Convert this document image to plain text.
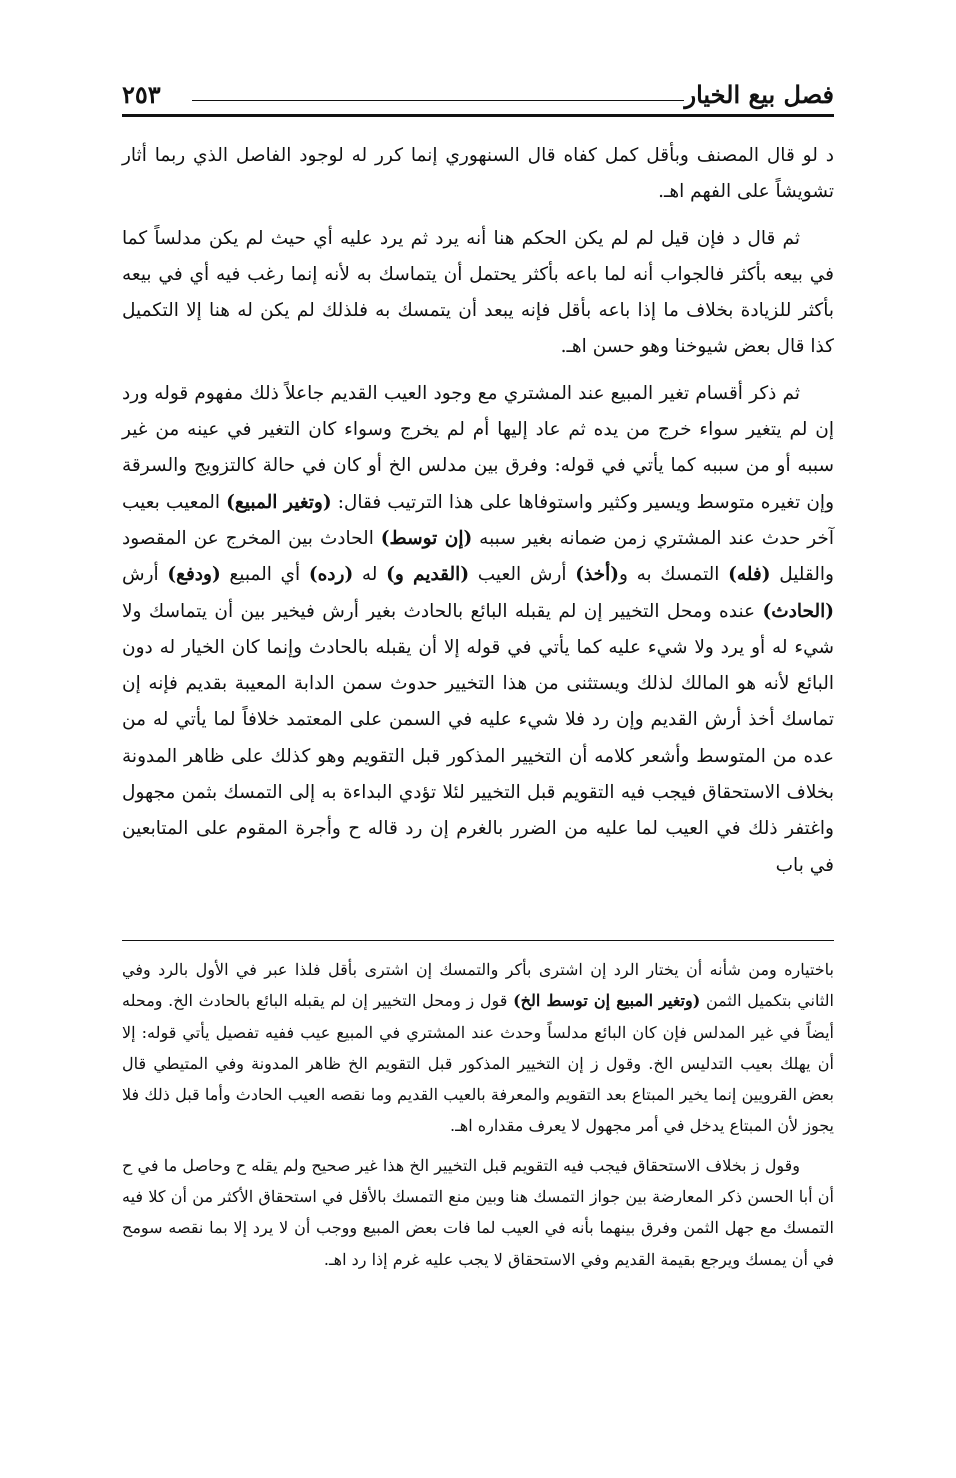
فصل بيع الخيار
٢٥٣

د لو قال المصنف وبأقل كمل كفاه قال السنهوري إنما كرر له لوجود الفاصل الذي ربما أثار تشويشاً على الفهم اهـ.

ثم قال د فإن قيل لم لم يكن الحكم هنا أنه يرد ثم يرد عليه أي حيث لم يكن مدلساً كما في بيعه بأكثر فالجواب أنه لما باعه بأكثر يحتمل أن يتماسك به لأنه إنما رغب فيه أي في بيعه بأكثر للزيادة بخلاف ما إذا باعه بأقل فإنه يبعد أن يتمسك به فلذلك لم يكن له هنا إلا التكميل كذا قال بعض شيوخنا وهو حسن اهـ.

ثم ذكر أقسام تغير المبيع عند المشتري مع وجود العيب القديم جاعلاً ذلك مفهوم قوله ورد إن لم يتغير سواء خرج من يده ثم عاد إليها أم لم يخرج وسواء كان التغير في عينه من غير سببه أو من سببه كما يأتي في قوله: وفرق بين مدلس الخ أو كان في حالة كالتزويج والسرقة وإن تغيره متوسط ويسير وكثير واستوفاها على هذا الترتيب فقال: (وتغير المبيع) المعيب بعيب آخر حدث عند المشتري زمن ضمانه بغير سببه (إن توسط) الحادث بين المخرج عن المقصود والقليل (فله) التمسك به و(أخذ) أرش العيب (القديم و) له (رده) أي المبيع (ودفع) أرش (الحادث) عنده ومحل التخيير إن لم يقبله البائع بالحادث بغير أرش فيخير بين أن يتماسك ولا شيء له أو يرد ولا شيء عليه كما يأتي في قوله إلا أن يقبله بالحادث وإنما كان الخيار له دون البائع لأنه هو المالك لذلك ويستثنى من هذا التخيير حدوث سمن الدابة المعيبة بقديم فإنه إن تماسك أخذ أرش القديم وإن رد فلا شيء عليه في السمن على المعتمد خلافاً لما يأتي له من عده من المتوسط وأشعر كلامه أن التخيير المذكور قبل التقويم وهو كذلك على ظاهر المدونة بخلاف الاستحقاق فيجب فيه التقويم قبل التخيير لئلا تؤدي البداءة به إلى التمسك بثمن مجهول واغتفر ذلك في العيب لما عليه من الضرر بالغرم إن رد قاله ح وأجرة المقوم على المتابعين في باب

باختياره ومن شأنه أن يختار الرد إن اشترى بأكر والتمسك إن اشترى بأقل فلذا عبر في الأول بالرد وفي الثاني بتكميل الثمن (وتغير المبيع إن توسط الخ) قول ز ومحل التخيير إن لم يقبله البائع بالحادث الخ. ومحله أيضاً في غير المدلس فإن كان البائع مدلساً وحدث عند المشتري في المبيع عيب ففيه تفصيل يأتي قوله: إلا أن يهلك بعيب التدليس الخ. وقول ز إن التخيير المذكور قبل التقويم الخ ظاهر المدونة وفي المتيطي قال بعض القرويين إنما يخير المبتاع بعد التقويم والمعرفة بالعيب القديم وما نقصه العيب الحادث وأما قبل ذلك فلا يجوز لأن المبتاع يدخل في أمر مجهول لا يعرف مقداره اهـ.

وقول ز بخلاف الاستحقاق فيجب فيه التقويم قبل التخيير الخ هذا غير صحيح ولم يقله ح وحاصل ما في ح أن أبا الحسن ذكر المعارضة بين جواز التمسك هنا وبين منع التمسك بالأقل في استحقاق الأكثر من أن كلا فيه التمسك مع جهل الثمن وفرق بينهما بأنه في العيب لما فات بعض المبيع ووجب أن لا يرد إلا بما نقصه سومح في أن يمسك ويرجع بقيمة القديم وفي الاستحقاق لا يجب عليه غرم إذا رد اهـ.
